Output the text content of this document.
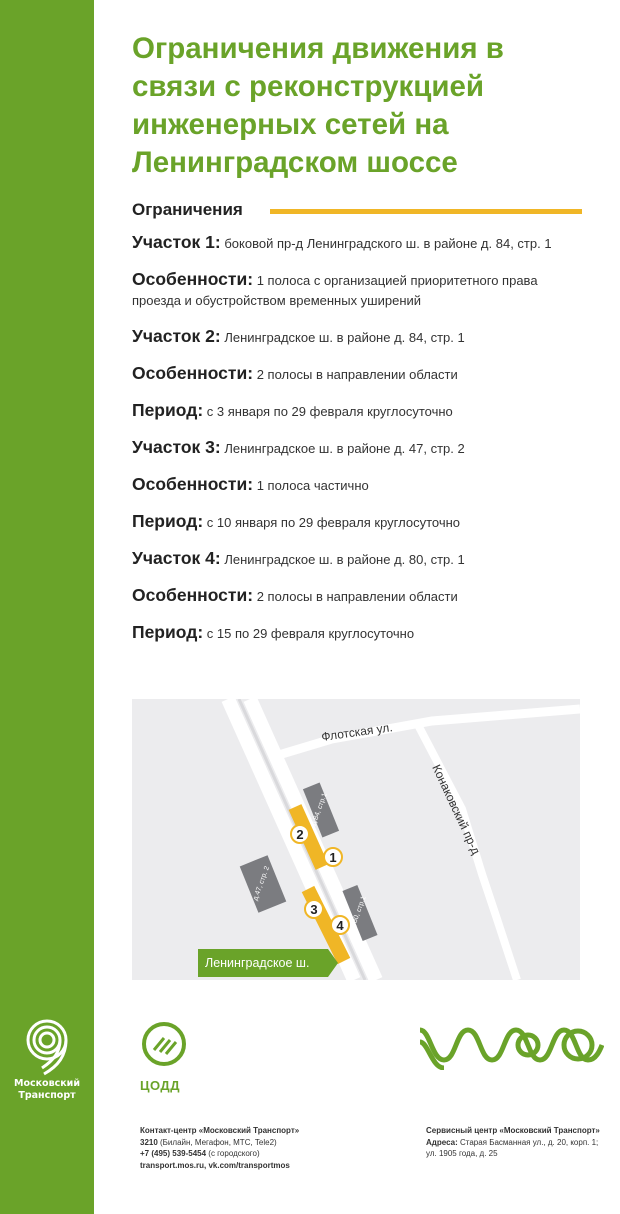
Московский Транспорт
Ограничения движения в связи с реконструкцией инженерных сетей на Ленинградском шоссе
Ограничения
Участок 1: боковой пр-д Ленинградского ш. в районе д. 84, стр. 1
Особенности: 1 полоса с организацией приоритетного права проезда и обустройством временных уширений
Участок 2: Ленинградское ш. в районе д. 84, стр. 1
Особенности: 2 полосы в направлении области
Период: с 3 января по 29 февраля круглосуточно
Участок 3: Ленинградское ш. в районе д. 47, стр. 2
Особенности: 1 полоса частично
Период: с 10 января по 29 февраля круглосуточно
Участок 4: Ленинградское ш. в районе д. 80, стр. 1
Особенности: 2 полосы в направлении области
Период: с 15 по 29 февраля круглосуточно
д.84, стр.1
д.47, стр. 2
д.80, стр.1
Флотская ул.
Конаковский пр-д
2
1
3
4
Ленинградское ш.
ЦОДД
Контакт-центр «Московский Транспорт»
3210 (Билайн, Мегафон, МТС, Tele2)
+7 (495) 539-5454 (с городского)
transport.mos.ru, vk.com/transportmos
Сервисный центр «Московский Транспорт»
Адреса: Старая Басманная ул., д. 20, корп. 1;
ул. 1905 года, д. 25
